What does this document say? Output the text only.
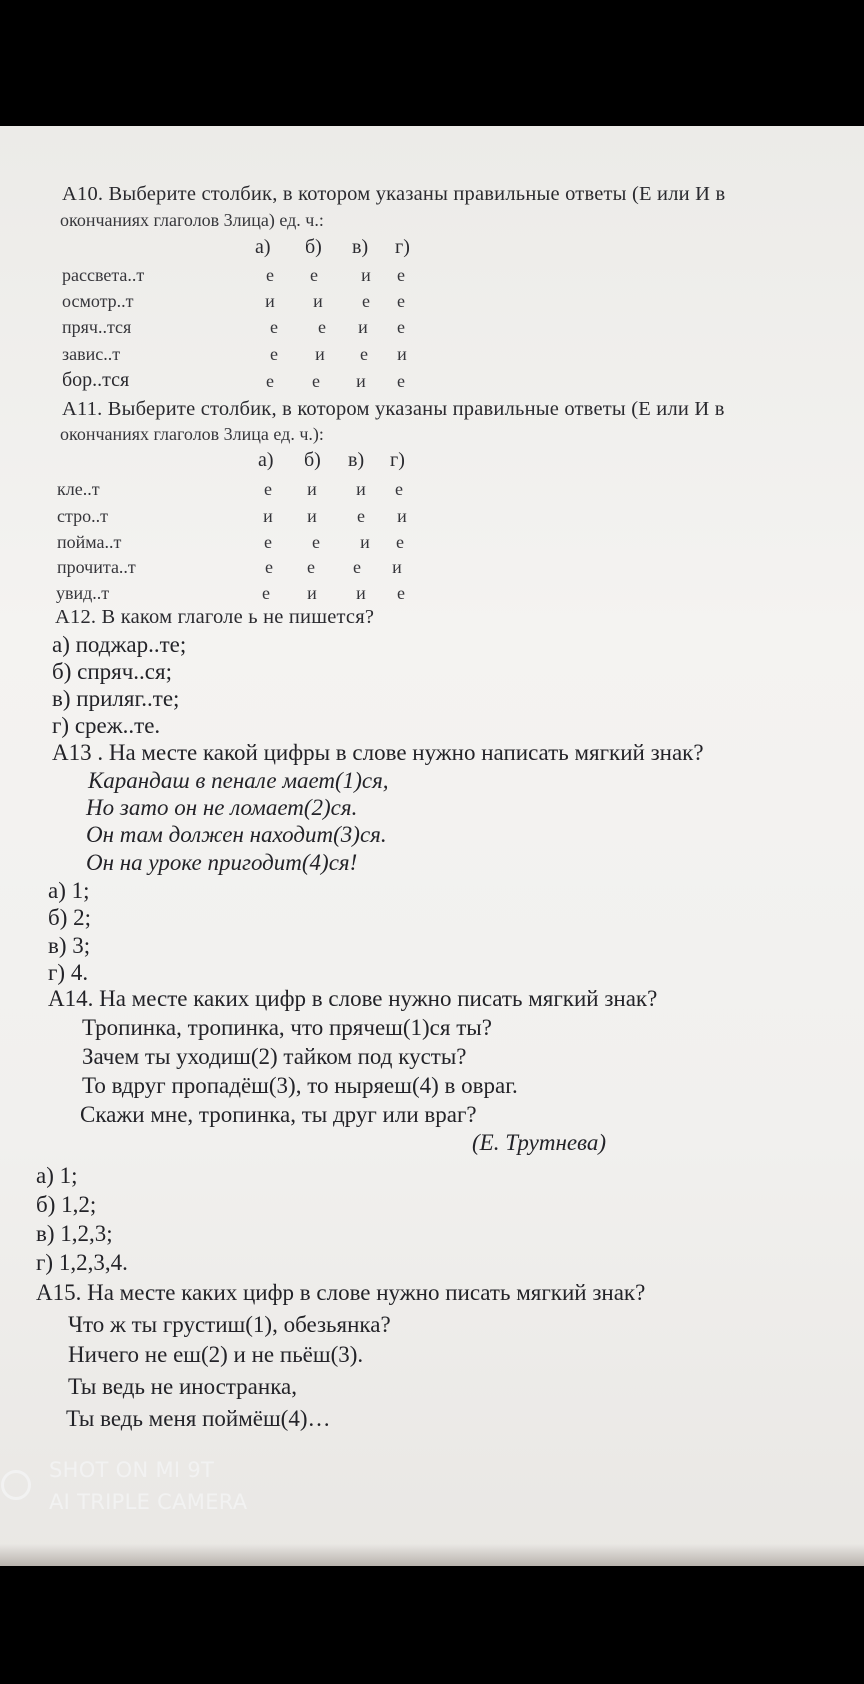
А10. Выберите столбик, в котором указаны правильные ответы (Е или И в
окончаниях глаголов 3лица) ед. ч.:
а) б) в) г)
рассвета..т	е	е	и	е
осмотр..т	и	и	е	е
пряч..тся	е	е	и	е
завис..т	е	и	е	и
бор..тся	е	е	и	е
А11. Выберите столбик, в котором указаны правильные ответы (Е или И в
окончаниях глаголов 3лица ед. ч.):
а) б) в) г)
кле..т	е	и	и	е
стро..т	и	и	е	и
пойма..т	е	е	и	е
прочита..т	е	е	е	и
увид..т	е	и	и	е
А12. В каком глаголе ь не пишется?
а) поджар..те;
б) спряч..ся;
в) приляг..те;
г) среж..те.
А13 . На месте какой цифры в слове нужно написать мягкий знак?
Карандаш в пенале мает(1)ся,
Но зато он не ломает(2)ся.
Он там должен находит(3)ся.
Он на уроке пригодит(4)ся!
а) 1;
б) 2;
в) 3;
г) 4.
А14. На месте каких цифр в слове нужно писать мягкий знак?
Тропинка, тропинка, что прячеш(1)ся ты?
Зачем ты уходиш(2) тайком под кусты?
То вдруг пропадёш(3), то ныряеш(4) в овраг.
Скажи мне, тропинка, ты друг или враг?
(Е. Трутнева)
а) 1;
б) 1,2;
в) 1,2,3;
г) 1,2,3,4.
А15. На месте каких цифр в слове нужно писать мягкий знак?
Что ж ты грустиш(1), обезьянка?
Ничего не еш(2) и не пьёш(3).
Ты ведь не иностранка,
Ты ведь меня поймёш(4)…
SHOT ON MI 9T
AI TRIPLE CAMERA
